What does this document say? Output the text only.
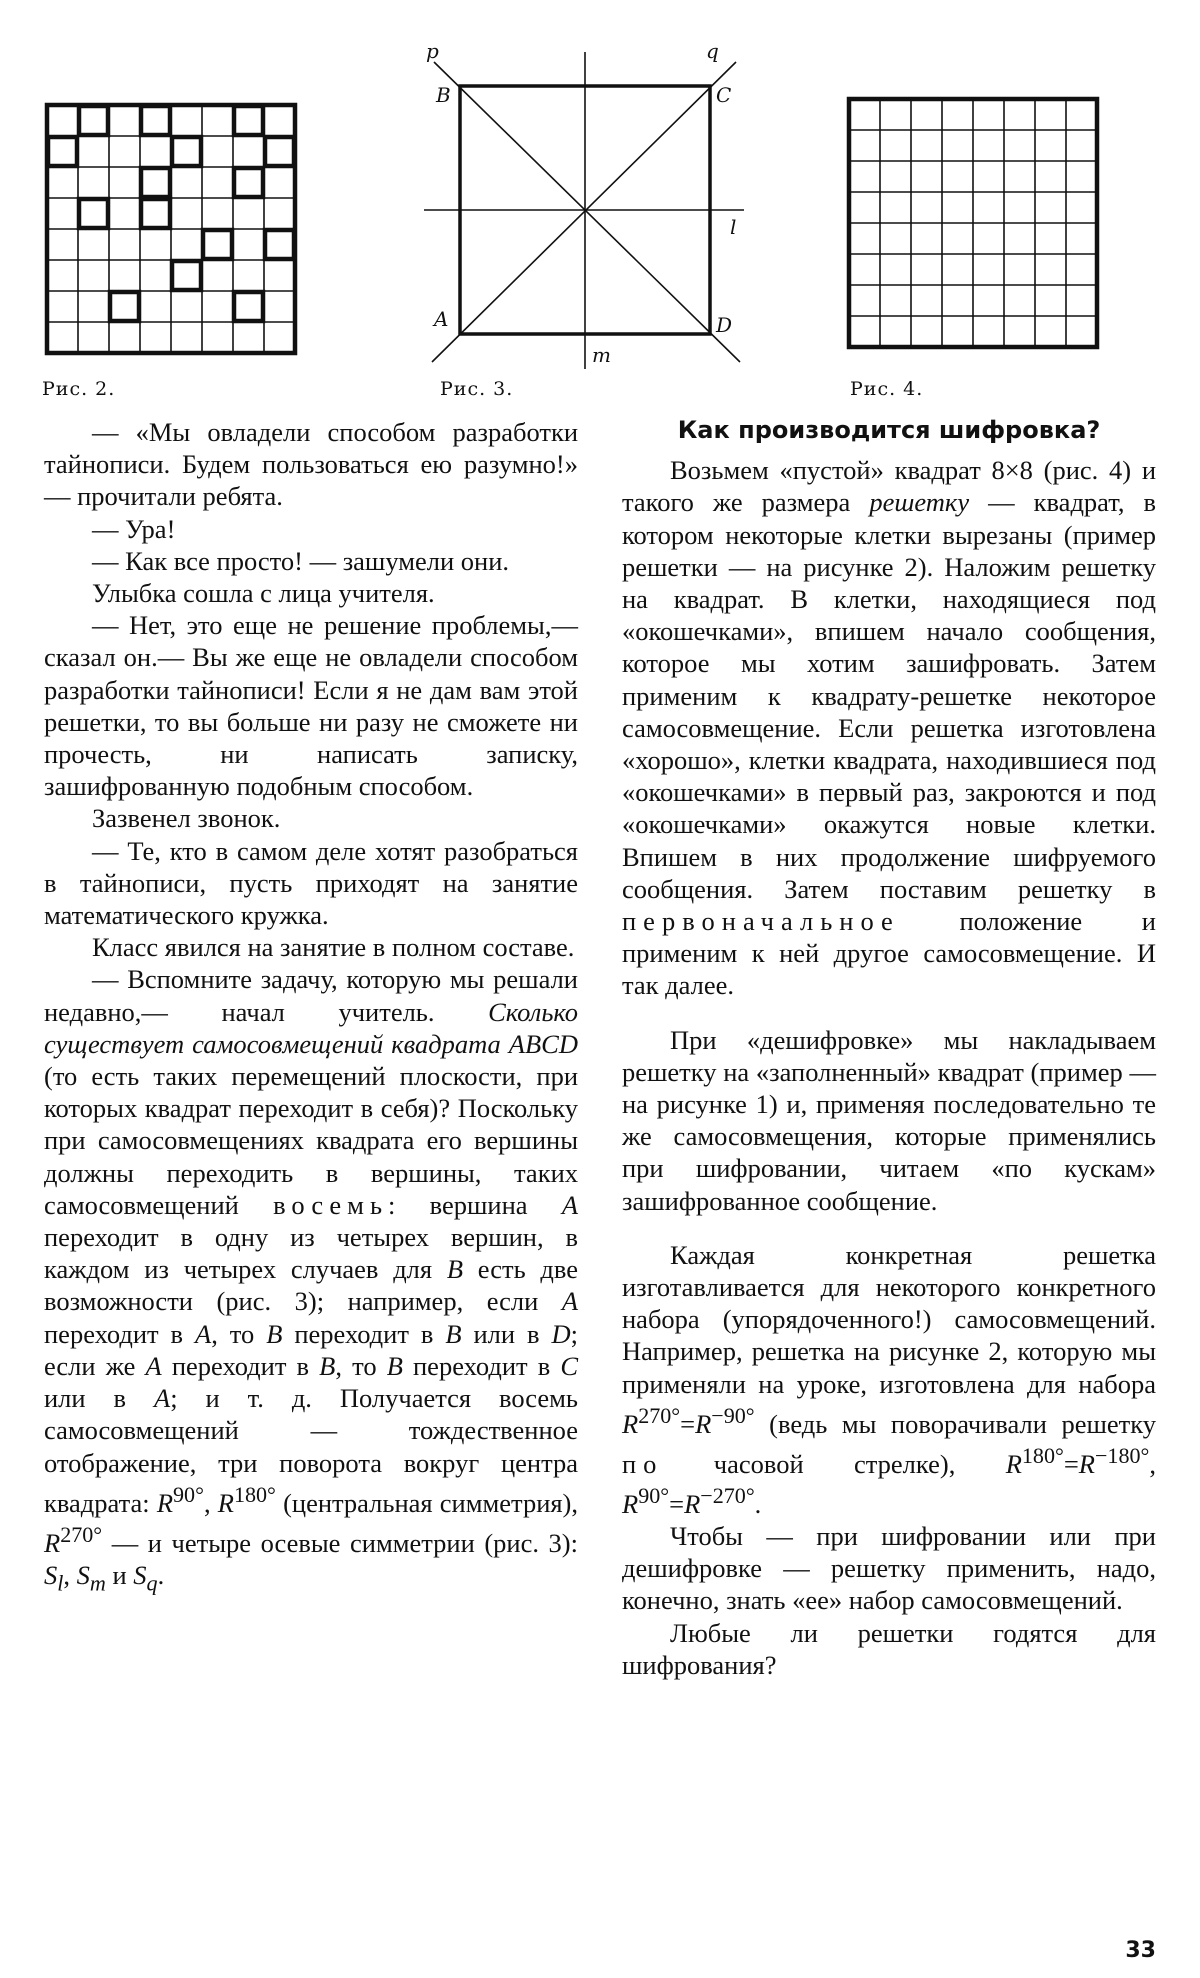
p	q
B	C
l
A	D
m
Рис. 2.	Рис. 3.	Рис. 4.

— «Мы овладели способом разработки тайнописи. Будем пользоваться ею разумно!» — прочитали ребята.

— Ура!

— Как все просто! — зашумели они.

Улыбка сошла с лица учителя.

— Нет, это еще не решение проблемы,— сказал он.— Вы же еще не овладели способом разработки тайнописи! Если я не дам вам этой решетки, то вы больше ни разу не сможете ни прочесть, ни написать записку, зашифрованную подобным способом.

Зазвенел звонок.

— Те, кто в самом деле хотят разобраться в тайнописи, пусть приходят на занятие математического кружка.

Класс явился на занятие в полном составе.

— Вспомните задачу, которую мы решали недавно,— начал учитель. Сколько существует самосовмещений квадрата ABCD (то есть таких перемещений плоскости, при которых квадрат переходит в себя)? Поскольку при самосовмещениях квадрата его вершины должны переходить в вершины, таких самосовмещений восемь: вершина A переходит в одну из четырех вершин, в каждом из четырех случаев для B есть две возможности (рис. 3); например, если A переходит в A, то B переходит в B или в D; если же A переходит в B, то B переходит в C или в A; и т. д. Получается восемь самосовмещений — тождественное отображение, три поворота вокруг центра квадрата: $R^{90^\circ}$, $R^{180^\circ}$ (центральная симметрия), $R^{270^\circ}$ — и четыре осевые симметрии (рис. 3): $S_l$, $S_m$ и $S_q$.

Как производится шифровка?

Возьмем «пустой» квадрат 8×8 (рис. 4) и такого же размера решетку — квадрат, в котором некоторые клетки вырезаны (пример решетки — на рисунке 2). Наложим решетку на квадрат. В клетки, находящиеся под «окошечками», впишем начало сообщения, которое мы хотим зашифровать. Затем применим к квадрату-решетке некоторое самосовмещение. Если решетка изготовлена «хорошо», клетки квадрата, находившиеся под «окошечками» в первый раз, закроются и под «окошечками» окажутся новые клетки. Впишем в них продолжение шифруемого сообщения. Затем поставим решетку в первоначальное положение и применим к ней другое самосовмещение. И так далее.

При «дешифровке» мы накладываем решетку на «заполненный» квадрат (пример — на рисунке 1) и, применяя последовательно те же самосовмещения, которые применялись при шифровании, читаем «по кускам» зашифрованное сообщение.

Каждая конкретная решетка изготавливается для некоторого конкретного набора (упорядоченного!) самосовмещений. Например, решетка на рисунке 2, которую мы применяли на уроке, изготовлена для набора $R^{270^\circ}=R^{-90^\circ}$ (ведь мы поворачивали решетку по часовой стрелке), $R^{180^\circ}=R^{-180^\circ}$, $R^{90^\circ}=R^{-270^\circ}$.

Чтобы — при шифровании или при дешифровке — решетку применить, надо, конечно, знать «ее» набор самосовмещений.

Любые ли решетки годятся для шифрования?

33
